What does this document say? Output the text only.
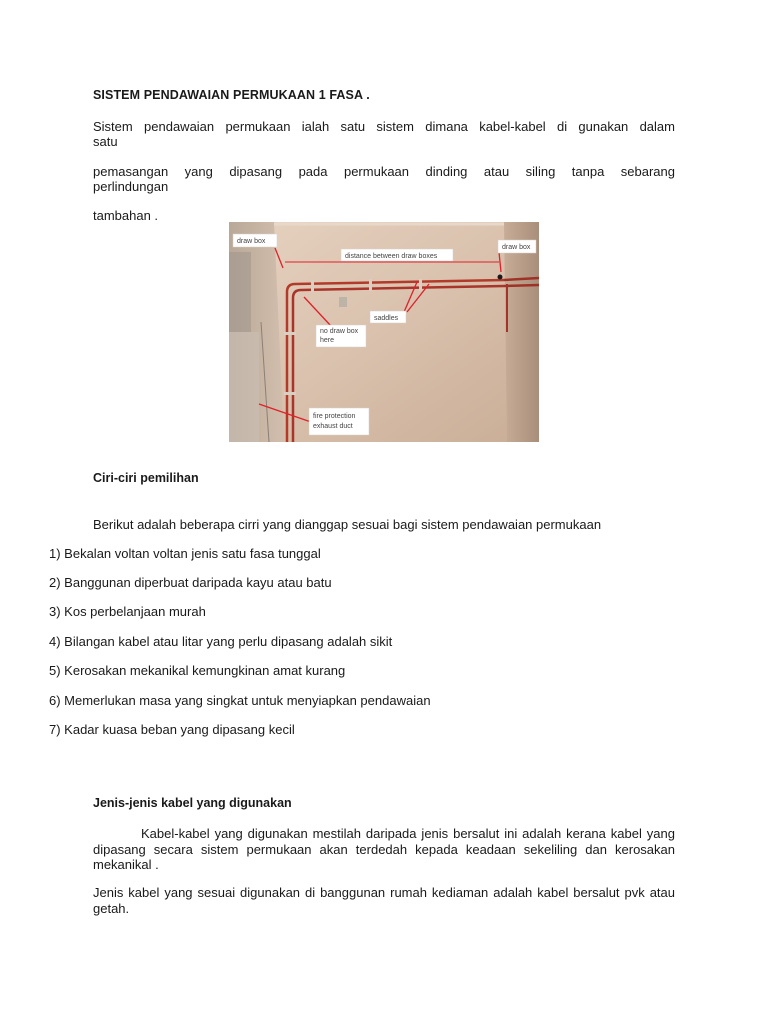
SISTEM PENDAWAIAN PERMUKAAN 1 FASA .
Sistem pendawaian permukaan ialah satu sistem dimana kabel-kabel di gunakan dalam
satu
pemasangan yang dipasang pada permukaan dinding atau siling tanpa sebarang
perlindungan
tambahan .
draw box
draw box
distance between draw boxes
saddles
no draw box
here
fire protection
exhaust duct
Ciri-ciri pemilihan
Berikut adalah beberapa cirri yang dianggap sesuai bagi sistem pendawaian permukaan
1) Bekalan voltan voltan jenis satu fasa tunggal
2) Banggunan diperbuat daripada kayu atau batu
3) Kos perbelanjaan murah
4) Bilangan kabel atau litar yang perlu dipasang adalah sikit
5) Kerosakan mekanikal kemungkinan amat kurang
6) Memerlukan masa yang singkat untuk menyiapkan pendawaian
7) Kadar kuasa beban yang dipasang kecil
Jenis-jenis kabel yang digunakan
Kabel-kabel yang digunakan mestilah daripada jenis bersalut ini adalah kerana kabel yang dipasang secara sistem permukaan akan terdedah kepada keadaan sekeliling dan kerosakan mekanikal .
Jenis kabel yang sesuai digunakan di banggunan rumah kediaman adalah kabel bersalut pvk atau getah.
